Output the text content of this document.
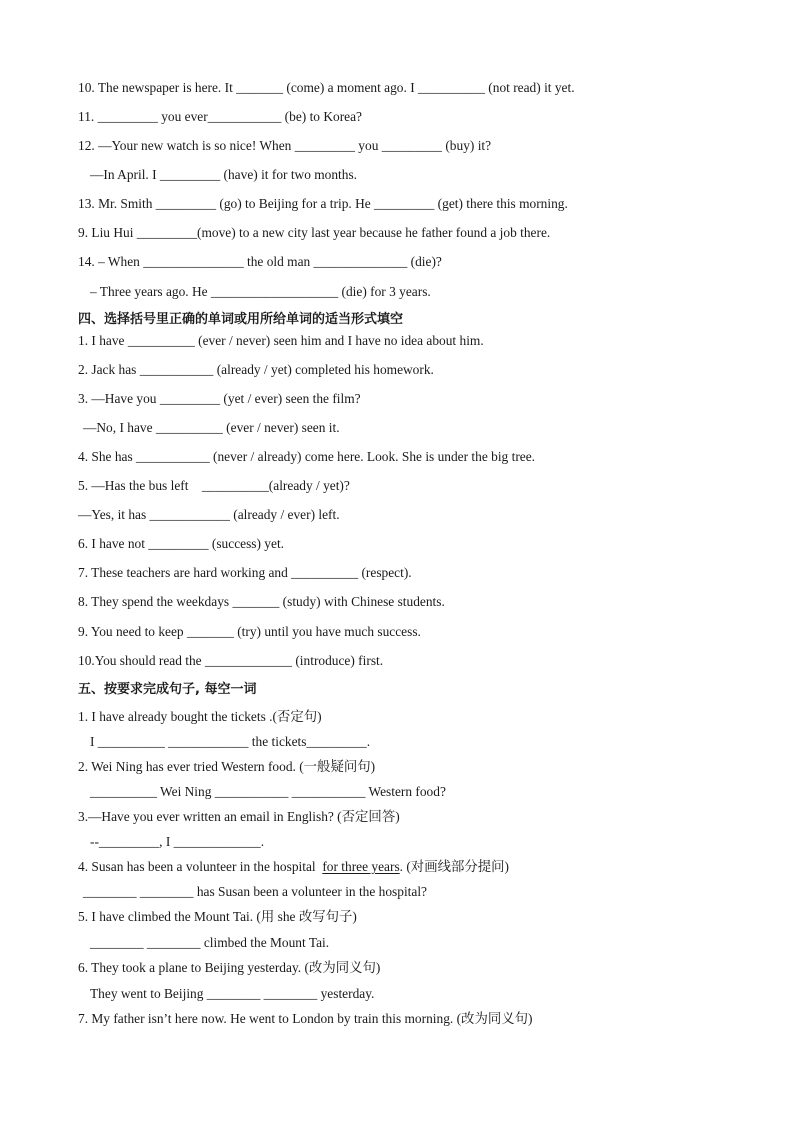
10. The newspaper is here. It _______ (come) a moment ago. I __________ (not read) it yet.
11. _________ you ever___________ (be) to Korea?
12. —Your new watch is so nice! When _________ you _________ (buy) it?
—In April. I _________ (have) it for two months.
13. Mr. Smith _________ (go) to Beijing for a trip. He _________ (get) there this morning.
9. Liu Hui _________(move) to a new city last year because he father found a job there.
14. – When _______________ the old man ______________ (die)?
– Three years ago. He ___________________ (die) for 3 years.
四、选择括号里正确的单词或用所给单词的适当形式填空
1. I have __________ (ever / never) seen him and I have no idea about him.
2. Jack has ___________ (already / yet) completed his homework.
3. —Have you _________ (yet / ever) seen the film?
—No, I have __________ (ever / never) seen it.
4. She has ___________ (never / already) come here. Look. She is under the big tree.
5. —Has the bus left    __________(already / yet)?
—Yes, it has ____________ (already / ever) left.
6. I have not _________ (success) yet.
7. These teachers are hard working and __________ (respect).
8. They spend the weekdays _______ (study) with Chinese students.
9. You need to keep _______ (try) until you have much success.
10.You should read the _____________ (introduce) first.
五、按要求完成句子, 每空一词
1. I have already bought the tickets .(否定句)
I __________ ____________ the tickets_________.
2. Wei Ning has ever tried Western food. (一般疑问句)
__________ Wei Ning ___________ ___________ Western food?
3.—Have you ever written an email in English? (否定回答)
--_________, I _____________.
4. Susan has been a volunteer in the hospital  for three years. (对画线部分提问)
________ ________ has Susan been a volunteer in the hospital?
5. I have climbed the Mount Tai. (用 she 改写句子)
________ ________ climbed the Mount Tai.
6. They took a plane to Beijing yesterday. (改为同义句)
They went to Beijing ________ ________ yesterday.
7. My father isn’t here now. He went to London by train this morning. (改为同义句)
